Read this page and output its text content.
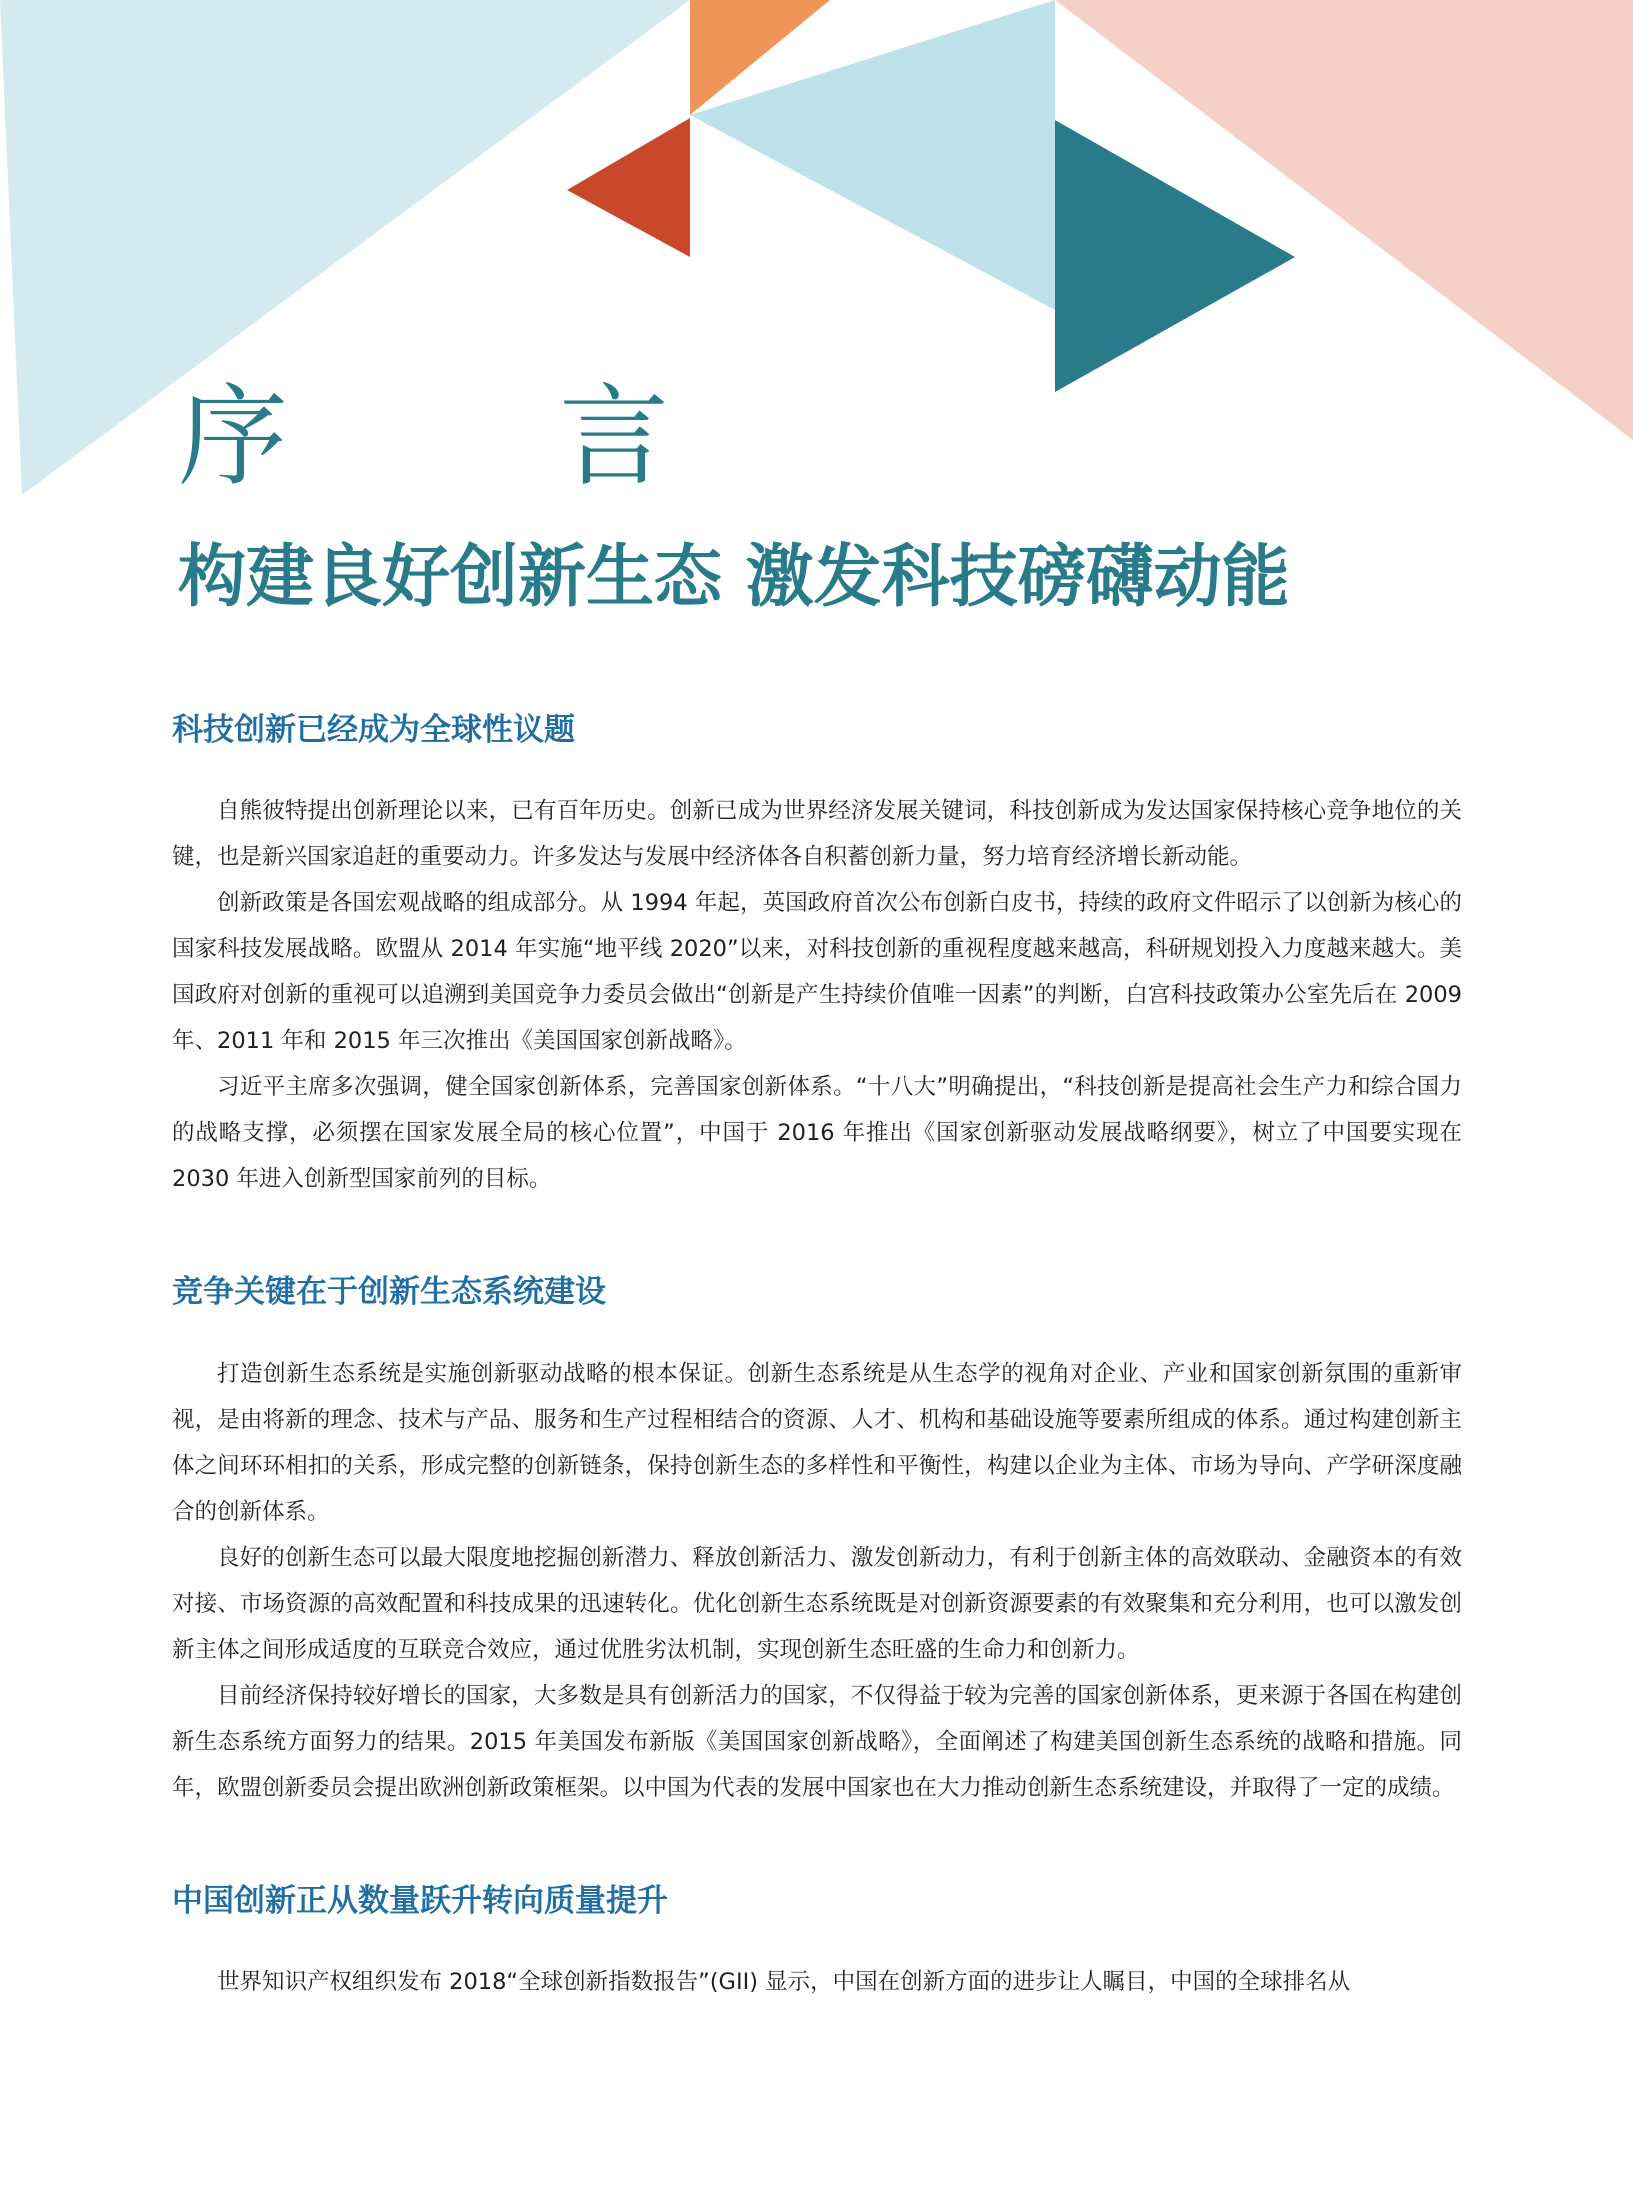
序 言
构建良好创新生态 激发科技磅礴动能
科技创新已经成为全球性议题

自熊彼特提出创新理论以来，已有百年历史。创新已成为世界经济发展关键词，科技创新成为发达国家保持核心竞争地位的关键，也是新兴国家追赶的重要动力。许多发达与发展中经济体各自积蓄创新力量，努力培育经济增长新动能。

创新政策是各国宏观战略的组成部分。从 1994 年起，英国政府首次公布创新白皮书，持续的政府文件昭示了以创新为核心的国家科技发展战略。欧盟从 2014 年实施“地平线 2020”以来，对科技创新的重视程度越来越高，科研规划投入力度越来越大。美国政府对创新的重视可以追溯到美国竞争力委员会做出“创新是产生持续价值唯一因素”的判断，白宫科技政策办公室先后在 2009 年、2011 年和 2015 年三次推出《美国国家创新战略》。

习近平主席多次强调，健全国家创新体系，完善国家创新体系。“十八大”明确提出，“科技创新是提高社会生产力和综合国力的战略支撑，必须摆在国家发展全局的核心位置”，中国于 2016 年推出《国家创新驱动发展战略纲要》，树立了中国要实现在 2030 年进入创新型国家前列的目标。

竞争关键在于创新生态系统建设

打造创新生态系统是实施创新驱动战略的根本保证。创新生态系统是从生态学的视角对企业、产业和国家创新氛围的重新审视，是由将新的理念、技术与产品、服务和生产过程相结合的资源、人才、机构和基础设施等要素所组成的体系。通过构建创新主体之间环环相扣的关系，形成完整的创新链条，保持创新生态的多样性和平衡性，构建以企业为主体、市场为导向、产学研深度融合的创新体系。

良好的创新生态可以最大限度地挖掘创新潜力、释放创新活力、激发创新动力，有利于创新主体的高效联动、金融资本的有效对接、市场资源的高效配置和科技成果的迅速转化。优化创新生态系统既是对创新资源要素的有效聚集和充分利用，也可以激发创新主体之间形成适度的互联竞合效应，通过优胜劣汰机制，实现创新生态旺盛的生命力和创新力。

目前经济保持较好增长的国家，大多数是具有创新活力的国家，不仅得益于较为完善的国家创新体系，更来源于各国在构建创新生态系统方面努力的结果。2015 年美国发布新版《美国国家创新战略》，全面阐述了构建美国创新生态系统的战略和措施。同年，欧盟创新委员会提出欧洲创新政策框架。以中国为代表的发展中国家也在大力推动创新生态系统建设，并取得了一定的成绩。

中国创新正从数量跃升转向质量提升

世界知识产权组织发布 2018“全球创新指数报告”(GII) 显示，中国在创新方面的进步让人瞩目，中国的全球排名从
